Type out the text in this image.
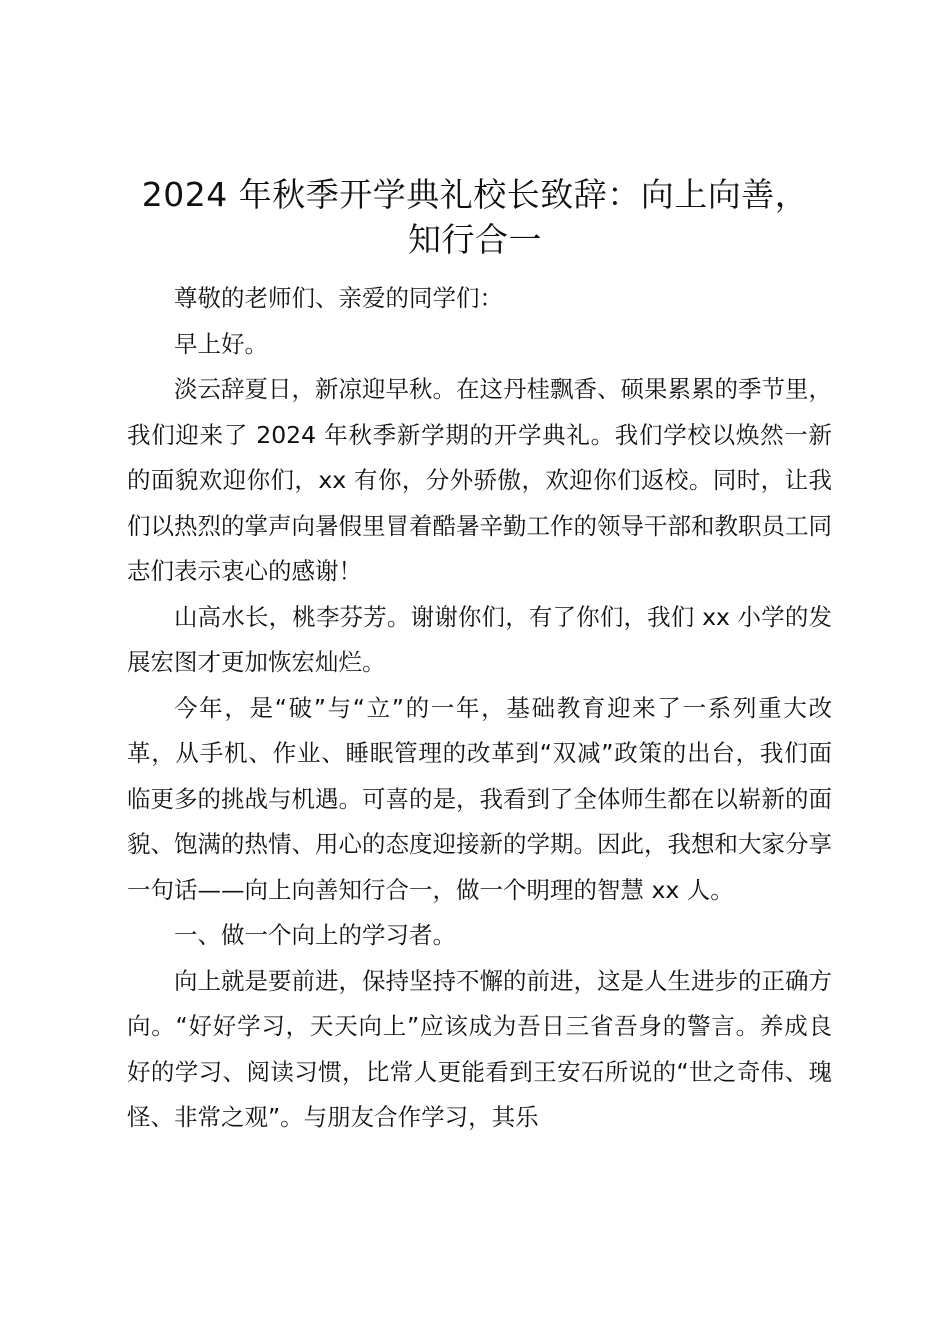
2024 年秋季开学典礼校长致辞：向上向善，
知行合一

尊敬的老师们、亲爱的同学们：

早上好。

淡云辞夏日，新凉迎早秋。在这丹桂飘香、硕果累累的季节里，我们迎来了 2024 年秋季新学期的开学典礼。我们学校以焕然一新的面貌欢迎你们，xx 有你，分外骄傲，欢迎你们返校。同时，让我们以热烈的掌声向暑假里冒着酷暑辛勤工作的领导干部和教职员工同志们表示衷心的感谢！

山高水长，桃李芬芳。谢谢你们，有了你们，我们 xx 小学的发展宏图才更加恢宏灿烂。

今年，是“破”与“立”的一年，基础教育迎来了一系列重大改革，从手机、作业、睡眠管理的改革到“双减”政策的出台，我们面临更多的挑战与机遇。可喜的是，我看到了全体师生都在以崭新的面貌、饱满的热情、用心的态度迎接新的学期。因此，我想和大家分享一句话——向上向善知行合一，做一个明理的智慧 xx 人。

一、做一个向上的学习者。

向上就是要前进，保持坚持不懈的前进，这是人生进步的正确方向。“好好学习，天天向上”应该成为吾日三省吾身的警言。养成良好的学习、阅读习惯，比常人更能看到王安石所说的“世之奇伟、瑰怪、非常之观”。与朋友合作学习，其乐
